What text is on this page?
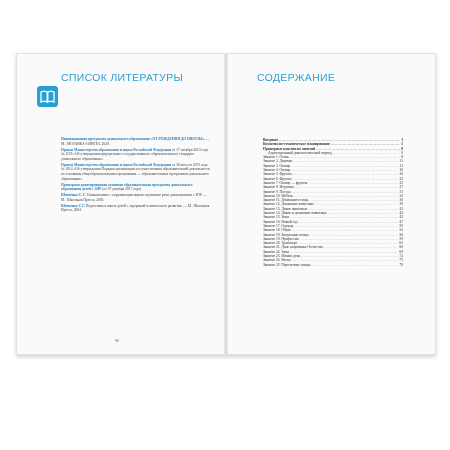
СПИСОК ЛИТЕРАТУРЫ
Инновационная программа дошкольного образования «ОТ РОЖДЕНИЯ ДО ШКОЛЫ». — М.: МОЗАИКА-СИНТЕЗ, 2020.
Приказ Министерства образования и науки Российской Федерации от 17 октября 2013 года № 1155 «Об утверждении федерального государственного образовательного стандарта дошкольного образования».
Приказ Министерства образования и науки Российской Федерации от 30 августа 2013 года № 1014 «Об утверждении Порядка организации и осуществления образовательной деятельности по основным общеобразовательным программам — образовательным программам дошкольного образования».
Примерная адаптированная основная образовательная программа дошкольного образования детей с ЗПР (от 07 декабря 2017 года).
Шевченко С. Г. Ознакомление с окружающим миром и развитие речи дошкольников с ЗПР. — М.: Школьная Пресса, 2005.
Шевченко С.Г. Подготовка к школе детей с задержкой психического развития. — М.: Школьная Пресса, 2004.
96
СОДЕРЖАНИЕ
Введение .....	3
Комплексно-тематическое планирование .....	5
Примерные конспекты занятий .....	8
Адаптационный диагностический период .....	8
Занятие 1. Осень .....	8
Занятие 2. Деревья .....	11
Занятие 3. Овощи .....	13
Занятие 4. Овощи .....	16
Занятие 5. Фрукты .....	20
Занятие 6. Фрукты .....	23
Занятие 7. Овощи — фрукты .....	25
Занятие 8. Игрушки .....	27
Занятие 9. Посуда .....	31
Занятие 10. Мебель .....	34
Занятие 11. Домашние птицы .....	36
Занятие 12. Домашние животные .....	39
Занятие 13. Дикие животные .....	41
Занятие 14. Дикие и домашние животные .....	44
Занятие 15. Зима .....	45
Занятие 16. Новый год .....	47
Занятие 17. Одежда .....	50
Занятие 18. Обувь .....	54
Занятие 19. Зимующие птицы .....	56
Занятие 19. Профессии .....	59
Занятие 20. Транспорт .....	63
Занятие 21. День защитника Отечества .....	66
Занятие 22. Зима .....	69
Занятие 23. Мамин день .....	72
Занятие 24. Весна .....	75
Занятие 25. Перелетные птицы .....	79
